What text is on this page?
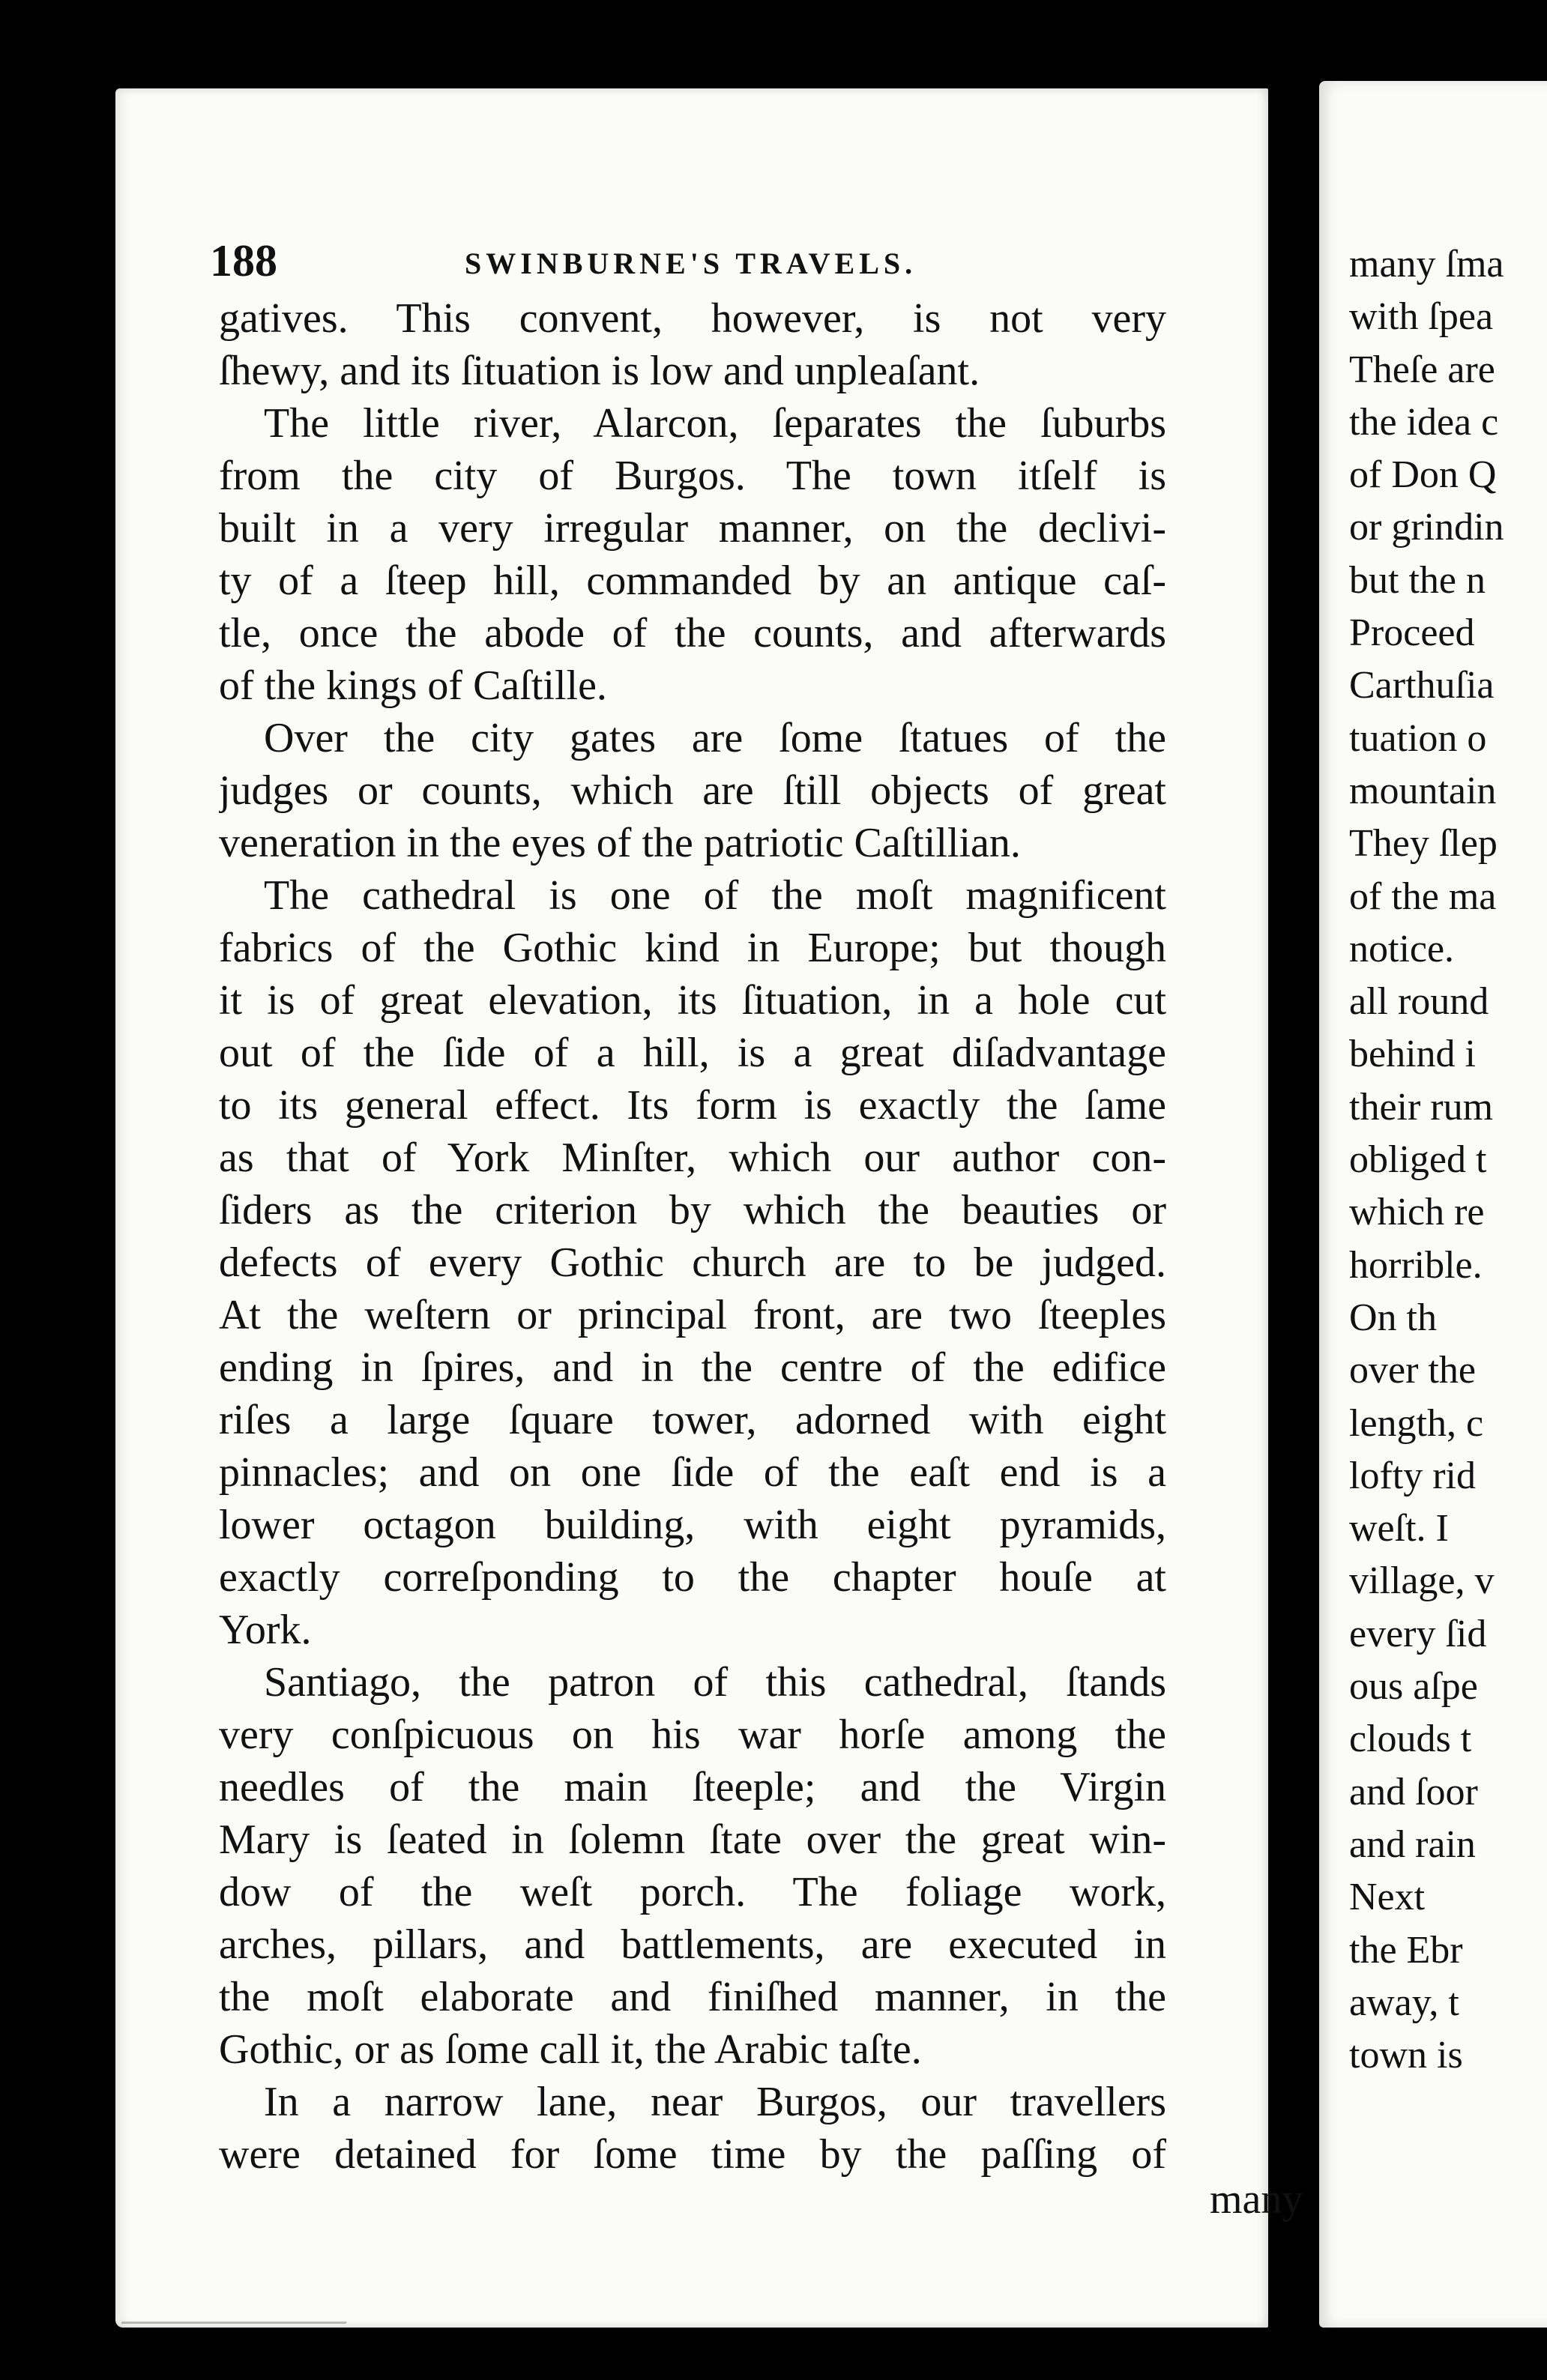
188	SWINBURNE'S TRAVELS.
gatives. This convent, however, is not very
ſhewy, and its ſituation is low and unpleaſant.
The little river, Alarcon, ſeparates the ſuburbs
from the city of Burgos. The town itſelf is
built in a very irregular manner, on the declivi-
ty of a ſteep hill, commanded by an antique caſ-
tle, once the abode of the counts, and afterwards
of the kings of Caſtille.
Over the city gates are ſome ſtatues of the
judges or counts, which are ſtill objects of great
veneration in the eyes of the patriotic Caſtillian.
The cathedral is one of the moſt magnificent
fabrics of the Gothic kind in Europe; but though
it is of great elevation, its ſituation, in a hole cut
out of the ſide of a hill, is a great diſadvantage
to its general effect. Its form is exactly the ſame
as that of York Minſter, which our author con-
ſiders as the criterion by which the beauties or
defects of every Gothic church are to be judged.
At the weſtern or principal front, are two ſteeples
ending in ſpires, and in the centre of the edifice
riſes a large ſquare tower, adorned with eight
pinnacles; and on one ſide of the eaſt end is a
lower octagon building, with eight pyramids,
exactly correſponding to the chapter houſe at
York.
Santiago, the patron of this cathedral, ſtands
very conſpicuous on his war horſe among the
needles of the main ſteeple; and the Virgin
Mary is ſeated in ſolemn ſtate over the great win-
dow of the weſt porch. The foliage work,
arches, pillars, and battlements, are executed in
the moſt elaborate and finiſhed manner, in the
Gothic, or as ſome call it, the Arabic taſte.
In a narrow lane, near Burgos, our travellers
were detained for ſome time by the paſſing of
many
many ſma
with ſpea
Theſe are
the idea c
of Don Q
or grindin
but the n
Proceed
Carthuſia
tuation o
mountain
They ſlep
of the ma
notice.
all round
behind i
their rum
obliged t
which re
horrible.
On th
over the
length, c
lofty rid
weſt. I
village, v
every ſid
ous aſpe
clouds t
and ſoor
and rain
Next
the Ebr
away, t
town is
